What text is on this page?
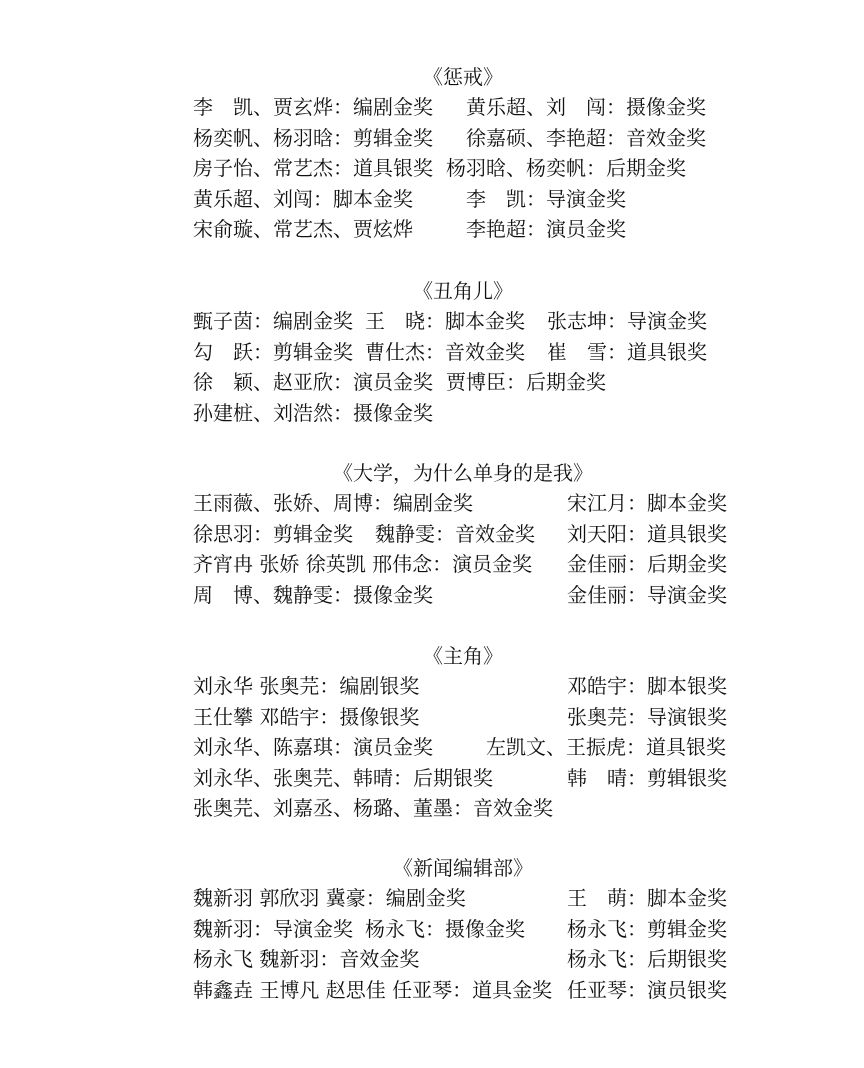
《惩戒》
李　凯、贾玄烨：编剧金奖 黄乐超、刘　闯：摄像金奖
杨奕帆、杨羽晗：剪辑金奖 徐嘉硕、李艳超：音效金奖
房子怡、常艺杰：道具银奖 杨羽晗、杨奕帆：后期金奖
黄乐超、刘闯：脚本金奖	李　凯：导演金奖
宋俞璇、常艺杰、贾炫烨	李艳超：演员金奖
《丑角儿》
甄子茵：编剧金奖 王　晓：脚本金奖 张志坤：导演金奖
勾　跃：剪辑金奖 曹仕杰：音效金奖 崔　雪：道具银奖
徐　颖、赵亚欣：演员金奖 贾博臣：后期金奖
孙建桩、刘浩然：摄像金奖
《大学，为什么单身的是我》
王雨薇、张娇、周博：编剧金奖	宋江月：脚本金奖
徐思羽：剪辑金奖 魏静雯：音效金奖 刘天阳：道具银奖
齐宵冉 张娇 徐英凯 邢伟念：演员金奖 金佳丽：后期金奖
周　博、魏静雯：摄像金奖	金佳丽：导演金奖
《主角》
刘永华 张奥芫：编剧银奖	邓皓宇：脚本银奖
王仕攀 邓皓宇：摄像银奖	张奥芫：导演银奖
刘永华、陈嘉琪：演员金奖	左凯文、王振虎：道具银奖
刘永华、张奥芫、韩晴：后期银奖	韩　晴：剪辑银奖
张奥芫、刘嘉丞、杨璐、董墨：音效金奖
《新闻编辑部》
魏新羽 郭欣羽 冀豪：编剧金奖	王　萌：脚本金奖
魏新羽：导演金奖 杨永飞：摄像金奖 杨永飞：剪辑金奖
杨永飞 魏新羽：音效金奖	杨永飞：后期银奖
韩鑫垚 王博凡 赵思佳 任亚琴：道具金奖 任亚琴：演员银奖
